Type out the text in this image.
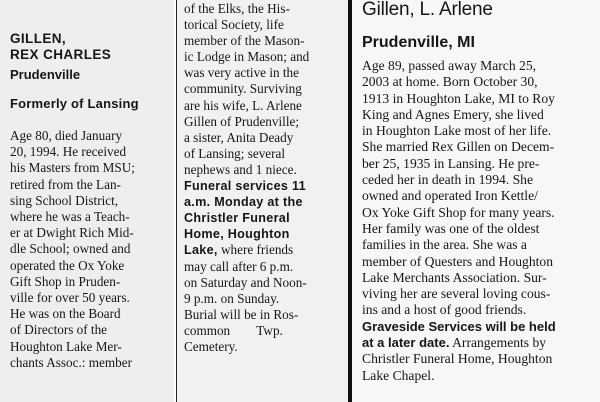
GILLEN,
REX CHARLES
Prudenville
Formerly of Lansing
Age 80, died January
20, 1994. He received
his Masters from MSU;
retired from the Lan-
sing School District,
where he was a Teach-
er at Dwight Rich Mid-
dle School; owned and
operated the Ox Yoke
Gift Shop in Pruden-
ville for over 50 years.
He was on the Board
of Directors of the
Houghton Lake Mer-
chants Assoc.: member
of the Elks, the His-
torical Society, life
member of the Mason-
ic Lodge in Mason; and
was very active in the
community. Surviving
are his wife, L. Arlene
Gillen of Prudenville;
a sister, Anita Deady
of Lansing; several
nephews and 1 niece.
Funeral services 11
a.m. Monday at the
Christler Funeral
Home, Houghton
Lake, where friends
may call after 6 p.m.
on Saturday and Noon-
9 p.m. on Sunday.
Burial will be in Ros-
common        Twp.
Cemetery.
Gillen, L. Arlene
Prudenville, MI
Age 89, passed away March 25,
2003 at home. Born October 30,
1913 in Houghton Lake, MI to Roy
King and Agnes Emery, she lived
in Houghton Lake most of her life.
She married Rex Gillen on Decem-
ber 25, 1935 in Lansing. He pre-
ceded her in death in 1994. She
owned and operated Iron Kettle/
Ox Yoke Gift Shop for many years.
Her family was one of the oldest
families in the area. She was a
member of Questers and Houghton
Lake Merchants Association. Sur-
viving her are several loving cous-
ins and a host of good friends.
Graveside Services will be held
at a later date. Arrangements by
Christler Funeral Home, Houghton
Lake Chapel.
